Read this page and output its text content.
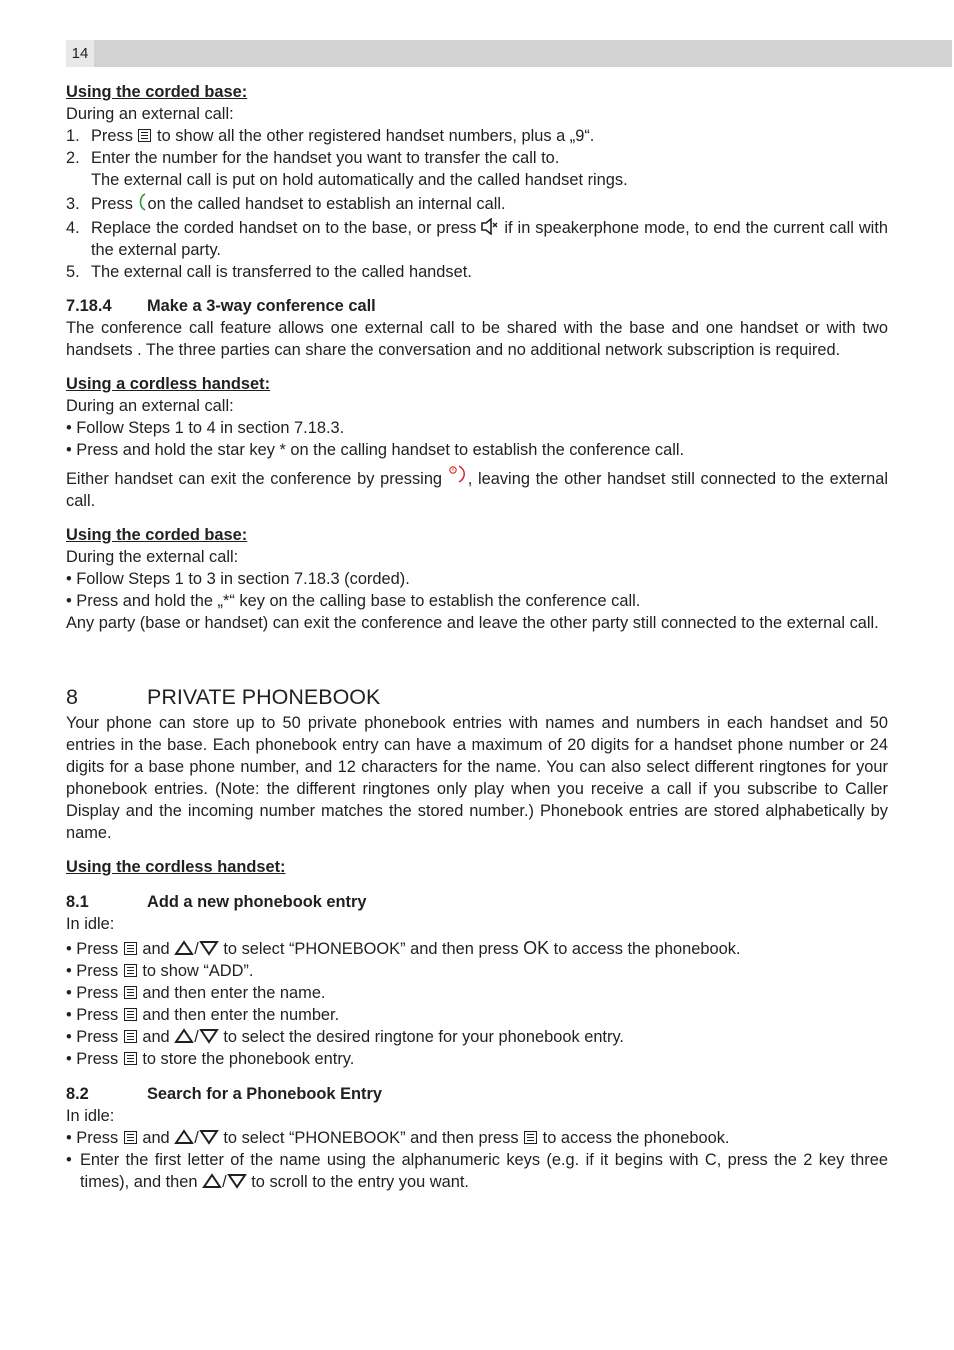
14
Using the corded base:
During an external call:
1. Press to show all the other registered handset numbers, plus a „9“.
2. Enter the number for the handset you want to transfer the call to.
The external call is put on hold automatically and the called handset rings.
3. Press on the called handset to establish an internal call.
4. Replace the corded handset on to the base, or press if in speakerphone mode, to end the current call with the external party.
5. The external call is transferred to the called handset.
7.18.4	Make a 3-way conference call
The conference call feature allows one external call to be shared with the base and one handset or with two handsets . The three parties can share the conversation and no additional network subscription is required.
Using a cordless handset:
During an external call:
• Follow Steps 1 to 4 in section 7.18.3.
• Press and hold the star key * on the calling handset to establish the conference call.
Either handset can exit the conference by pressing , leaving the other handset still connected to the external call.
Using the corded base:
During the external call:
• Follow Steps 1 to 3 in section 7.18.3 (corded).
• Press and hold the „*“ key on the calling base to establish the conference call.
Any party (base or handset) can exit the conference and leave the other party still connected to the external call.
8	PRIVATE PHONEBOOK
Your phone can store up to 50 private phonebook entries with names and numbers in each handset and 50 entries in the base. Each phonebook entry can have a maximum of 20 digits for a handset phone number or 24 digits for a base phone number, and 12 characters for the name. You can also select different ringtones for your phonebook entries. (Note: the different ringtones only play when you receive a call if you subscribe to Caller Display and the incoming number matches the stored number.) Phonebook entries are stored alphabetically by name.
Using the cordless handset:
8.1	Add a new phonebook entry
In idle:
• Press and / to select “PHONEBOOK” and then press OK to access the phonebook.
• Press to show “ADD”.
• Press and then enter the name.
• Press and then enter the number.
• Press and / to select the desired ringtone for your phonebook entry.
• Press to store the phonebook entry.
8.2	Search for a Phonebook Entry
In idle:
• Press and / to select “PHONEBOOK” and then press to access the phonebook.
• Enter the first letter of the name using the alphanumeric keys (e.g. if it begins with C, press the 2 key three times), and then / to scroll to the entry you want.
